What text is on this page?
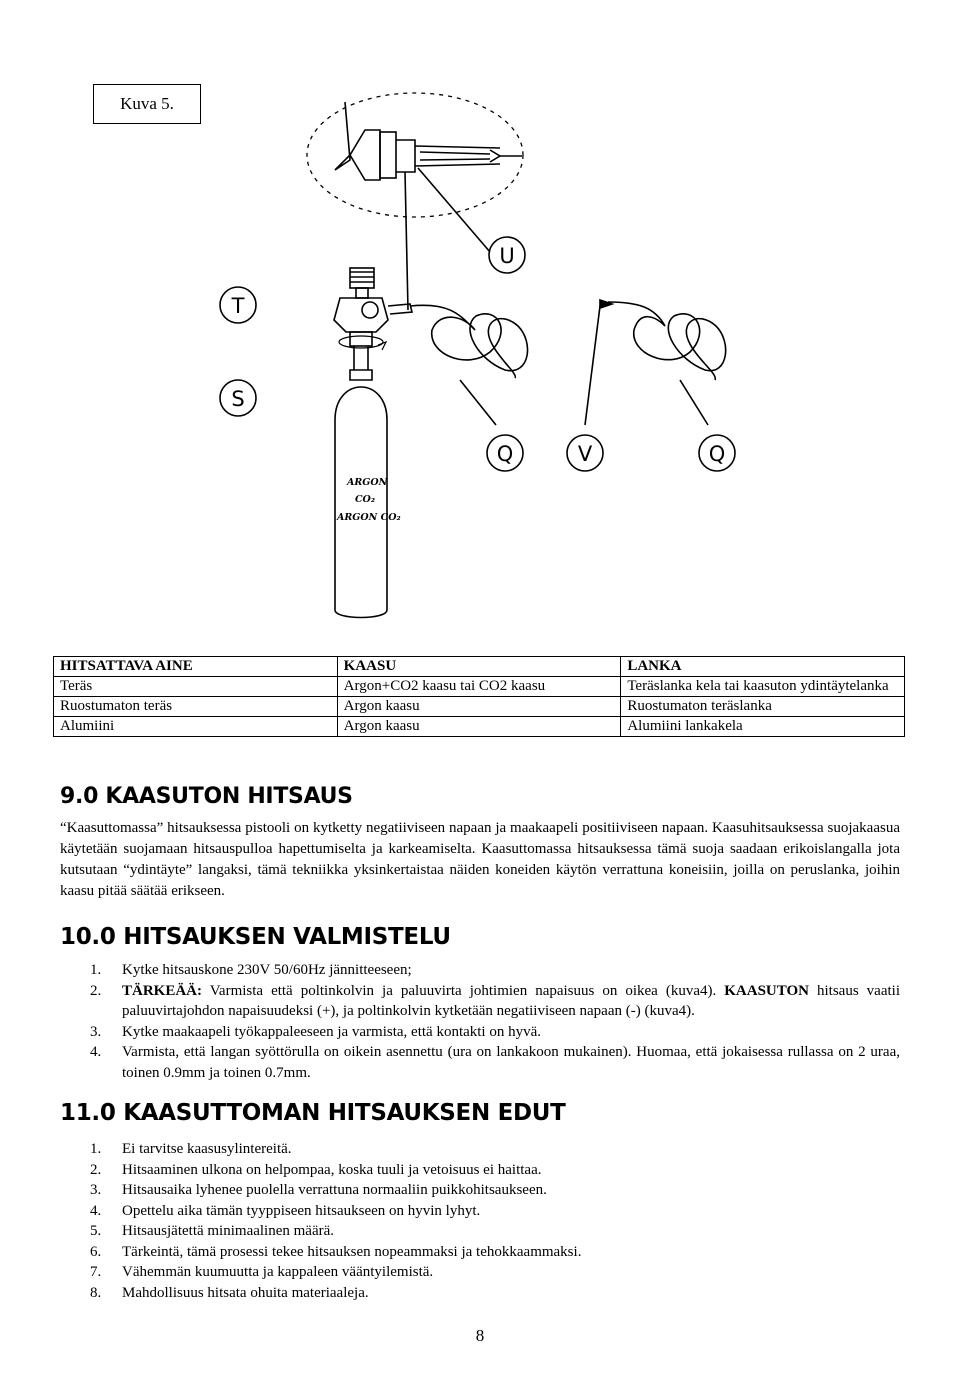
Kuva 5.
U
T
S
Q	V	Q
ARGON
CO₂
ARGON CO₂
HITSATTAVA AINE	KAASU	LANKA
Teräs	Argon+CO2 kaasu tai CO2 kaasu	Teräslanka kela tai kaasuton ydintäytelanka
Ruostumaton teräs	Argon kaasu	Ruostumaton teräslanka
Alumiini	Argon kaasu	Alumiini lankakela
9.0 KAASUTON HITSAUS

“Kaasuttomassa” hitsauksessa pistooli on kytketty negatiiviseen napaan ja maakaapeli positiiviseen napaan. Kaasuhitsauksessa suojakaasua käytetään suojamaan hitsauspulloa hapettumiselta ja karkeamiselta. Kaasuttomassa hitsauksessa tämä suoja saadaan erikoislangalla jota kutsutaan “ydintäyte” langaksi, tämä tekniikka yksinkertaistaa näiden koneiden käytön verrattuna koneisiin, joilla on peruslanka, joihin kaasu pitää säätää erikseen.

10.0 HITSAUKSEN VALMISTELU
1.	Kytke hitsauskone 230V 50/60Hz jännitteeseen;
2.	TÄRKEÄÄ: Varmista että poltinkolvin ja paluuvirta johtimien napaisuus on oikea (kuva4). KAASUTON hitsaus vaatii paluuvirtajohdon napaisuudeksi (+), ja poltinkolvin kytketään negatiiviseen napaan (-) (kuva4).
3.	Kytke maakaapeli työkappaleeseen ja varmista, että kontakti on hyvä.
4.	Varmista, että langan syöttörulla on oikein asennettu (ura on lankakoon mukainen). Huomaa, että jokaisessa rullassa on 2 uraa, toinen 0.9mm ja toinen 0.7mm.
11.0 KAASUTTOMAN HITSAUKSEN EDUT
1.	Ei tarvitse kaasusylintereitä.
2.	Hitsaaminen ulkona on helpompaa, koska tuuli ja vetoisuus ei haittaa.
3.	Hitsausaika lyhenee puolella verrattuna normaaliin puikkohitsaukseen.
4.	Opettelu aika tämän tyyppiseen hitsaukseen on hyvin lyhyt.
5.	Hitsausjätettä minimaalinen määrä.
6.	Tärkeintä, tämä prosessi tekee hitsauksen nopeammaksi ja tehokkaammaksi.
7.	Vähemmän kuumuutta ja kappaleen vääntyilemistä.
8.	Mahdollisuus hitsata ohuita materiaaleja.
8
